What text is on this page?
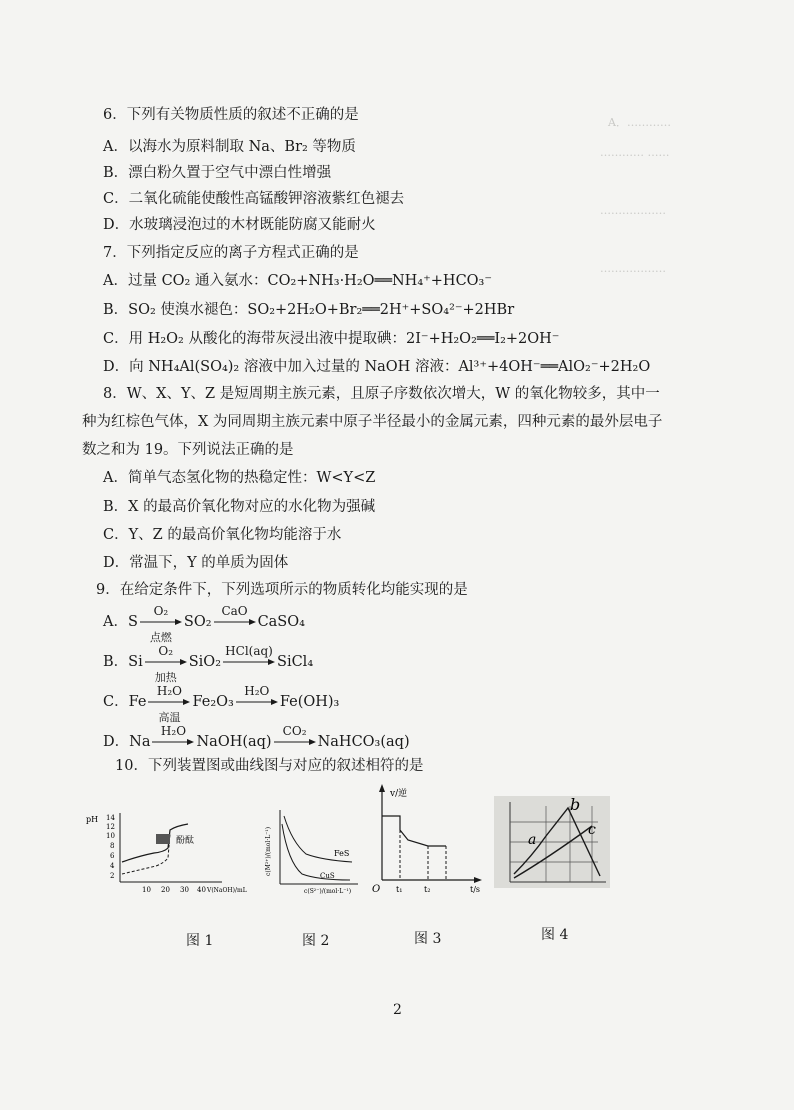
A．…………
………… ……
………………
………………
6．下列有关物质性质的叙述不正确的是
A．以海水为原料制取 Na、Br₂ 等物质
B．漂白粉久置于空气中漂白性增强
C．二氧化硫能使酸性高锰酸钾溶液紫红色褪去
D．水玻璃浸泡过的木材既能防腐又能耐火
7．下列指定反应的离子方程式正确的是
A．过量 CO₂ 通入氨水：CO₂+NH₃·H₂O══NH₄⁺+HCO₃⁻
B．SO₂ 使溴水褪色：SO₂+2H₂O+Br₂══2H⁺+SO₄²⁻+2HBr
C．用 H₂O₂ 从酸化的海带灰浸出液中提取碘：2I⁻+H₂O₂══I₂+2OH⁻
D．向 NH₄Al(SO₄)₂ 溶液中加入过量的 NaOH 溶液：Al³⁺+4OH⁻══AlO₂⁻+2H₂O
8．W、X、Y、Z 是短周期主族元素，且原子序数依次增大，W 的氧化物较多，其中一
种为红棕色气体，X 为同周期主族元素中原子半径最小的金属元素，四种元素的最外层电子
数之和为 19。下列说法正确的是
A．简单气态氢化物的热稳定性：W<Y<Z
B．X 的最高价氧化物对应的水化物为强碱
C．Y、Z 的最高价氧化物均能溶于水
D．常温下，Y 的单质为固体
9．在给定条件下，下列选项所示的物质转化均能实现的是
A．S
O₂
点燃
SO₂
CaO
CaSO₄
B．Si
O₂
加热
SiO₂
HCl(aq)
SiCl₄
C．Fe
H₂O
高温
Fe₂O₃
H₂O
Fe(OH)₃
D．Na
H₂O
NaOH(aq)
CO₂
NaHCO₃(aq)
10．下列装置图或曲线图与对应的叙述相符的是
pH 14
12
10
8
6
4
2
酚酞
10 20 30 40 V(NaOH)/mL
c(M²⁺)/(mol·L⁻¹)	FeS
CuS
c(S²⁻)/(mol·L⁻¹)
v/逆
O t₁	t₂	t/s
a
b
c
图 1	图 2	图 3	图 4
2
